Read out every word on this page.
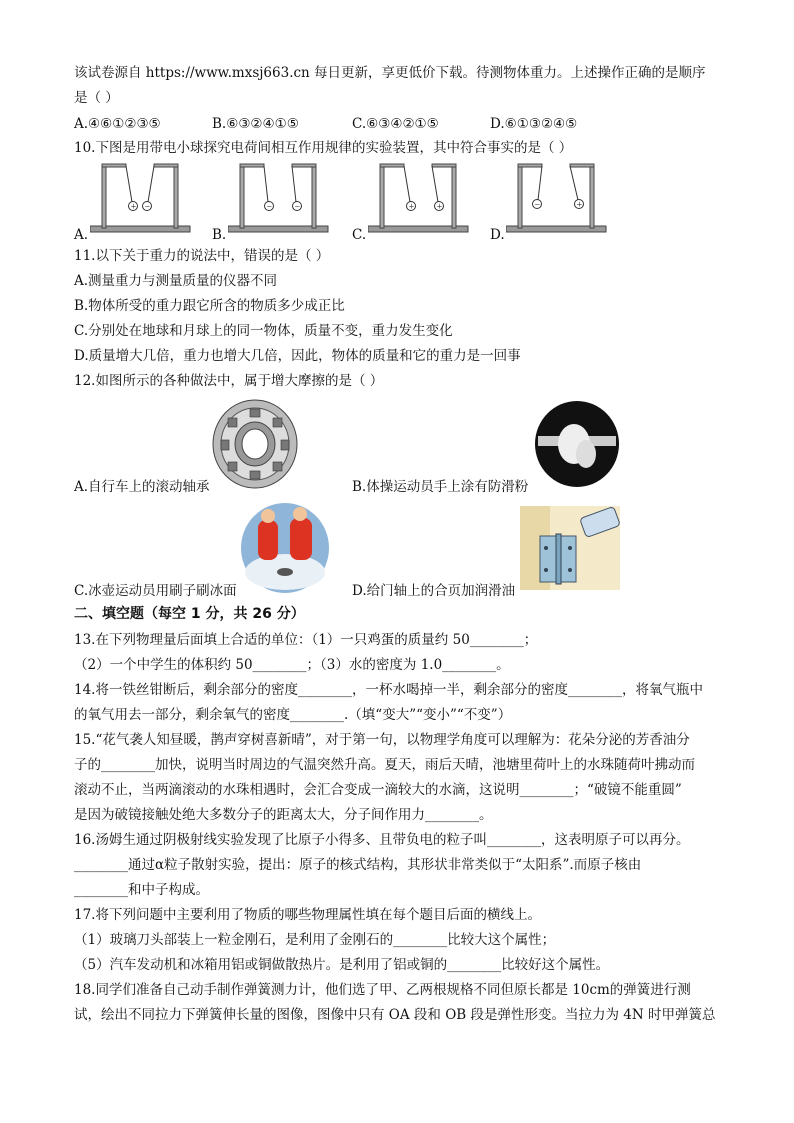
该试卷源自 https://www.mxsj663.cn 每日更新，享更低价下载。待测物体重力。上述操作正确的是顺序
是（ ）
A.④⑥①②③⑤	B.⑥③②④①⑤	C.⑥③④②①⑤	D.⑥①③②④⑤
10.下图是用带电小球探究电荷间相互作用规律的实验装置，其中符合事实的是（ ）
A.	B.	C.	D.
+ −	−	−	+	+	−	+
11.以下关于重力的说法中，错误的是（ ）
A.测量重力与测量质量的仪器不同
B.物体所受的重力跟它所含的物质多少成正比
C.分别处在地球和月球上的同一物体，质量不变，重力发生变化
D.质量增大几倍，重力也增大几倍，因此，物体的质量和它的重力是一回事
12.如图所示的各种做法中，属于增大摩擦的是（ ）
A.自行车上的滚动轴承	B.体操运动员手上涂有防滑粉
C.冰壶运动员用刷子刷冰面	D.给门轴上的合页加润滑油
二、填空题（每空 1 分，共 26 分）
13.在下列物理量后面填上合适的单位：（1）一只鸡蛋的质量约 50________；
（2）一个中学生的体积约 50________；（3）水的密度为 1.0________。
14.将一铁丝钳断后，剩余部分的密度________，一杯水喝掉一半，剩余部分的密度________，将氧气瓶中
的氧气用去一部分，剩余氧气的密度________.（填“变大”“变小”“不变”）
15.“花气袭人知昼暖，鹊声穿树喜新晴”，对于第一句，以物理学角度可以理解为：花朵分泌的芳香油分
子的________加快，说明当时周边的气温突然升高。夏天，雨后天晴，池塘里荷叶上的水珠随荷叶拂动而
滚动不止，当两滴滚动的水珠相遇时，会汇合变成一滴较大的水滴，这说明________；“破镜不能重圆”
是因为破镜接触处绝大多数分子的距离太大，分子间作用力________。
16.汤姆生通过阴极射线实验发现了比原子小得多、且带负电的粒子叫________，这表明原子可以再分。
________通过α粒子散射实验，提出：原子的核式结构，其形状非常类似于“太阳系”.而原子核由
________和中子构成。
17.将下列问题中主要利用了物质的哪些物理属性填在每个题目后面的横线上。
（1）玻璃刀头部装上一粒金刚石，是利用了金刚石的________比较大这个属性；
（5）汽车发动机和冰箱用铝或铜做散热片。是利用了铝或铜的________比较好这个属性。
18.同学们准备自己动手制作弹簧测力计，他们选了甲、乙两根规格不同但原长都是 10cm的弹簧进行测
试，绘出不同拉力下弹簧伸长量的图像，图像中只有 OA 段和 OB 段是弹性形变。当拉力为 4N 时甲弹簧总
